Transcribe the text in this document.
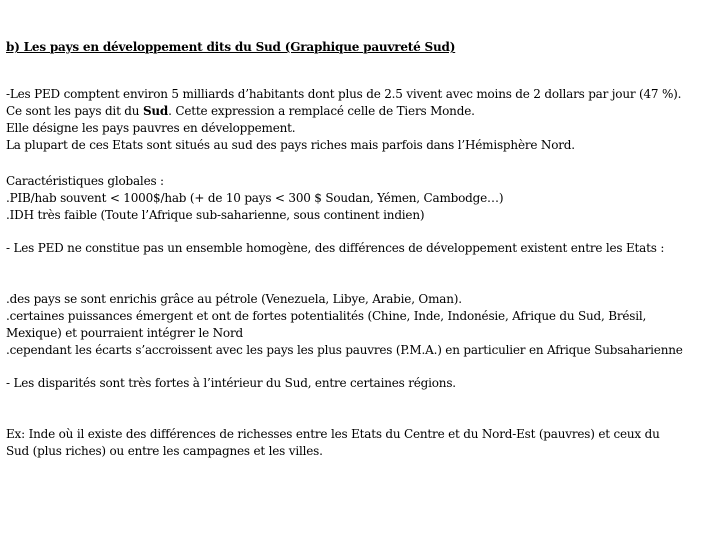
b) Les pays en développement dits du Sud (Graphique pauvreté Sud)
-Les PED comptent environ 5 milliards d’habitants dont plus de 2.5 vivent avec moins de 2 dollars par jour (47 %).
Ce sont les pays dit du Sud. Cette expression a remplacé celle de Tiers Monde.
Elle désigne les pays pauvres en développement.
La plupart de ces Etats sont situés au sud des pays riches mais parfois dans l’Hémisphère Nord.
Caractéristiques globales :
.PIB/hab souvent < 1000$/hab (+ de 10 pays < 300 $ Soudan, Yémen, Cambodge…)
.IDH très faible (Toute l’Afrique sub-saharienne, sous continent indien)
- Les PED ne constitue pas un ensemble homogène, des différences de développement existent entre les Etats :
.des pays se sont enrichis grâce au pétrole (Venezuela, Libye, Arabie, Oman).
.certaines puissances émergent et ont de fortes potentialités (Chine, Inde, Indonésie, Afrique du Sud, Brésil,
Mexique) et pourraient intégrer le Nord
.cependant les écarts s’accroissent avec les pays les plus pauvres (P.M.A.) en particulier en Afrique Subsaharienne
- Les disparités sont très fortes à l’intérieur du Sud, entre certaines régions.
Ex: Inde où il existe des différences de richesses entre les Etats du Centre et du Nord-Est (pauvres) et ceux du
Sud (plus riches) ou entre les campagnes et les villes.
